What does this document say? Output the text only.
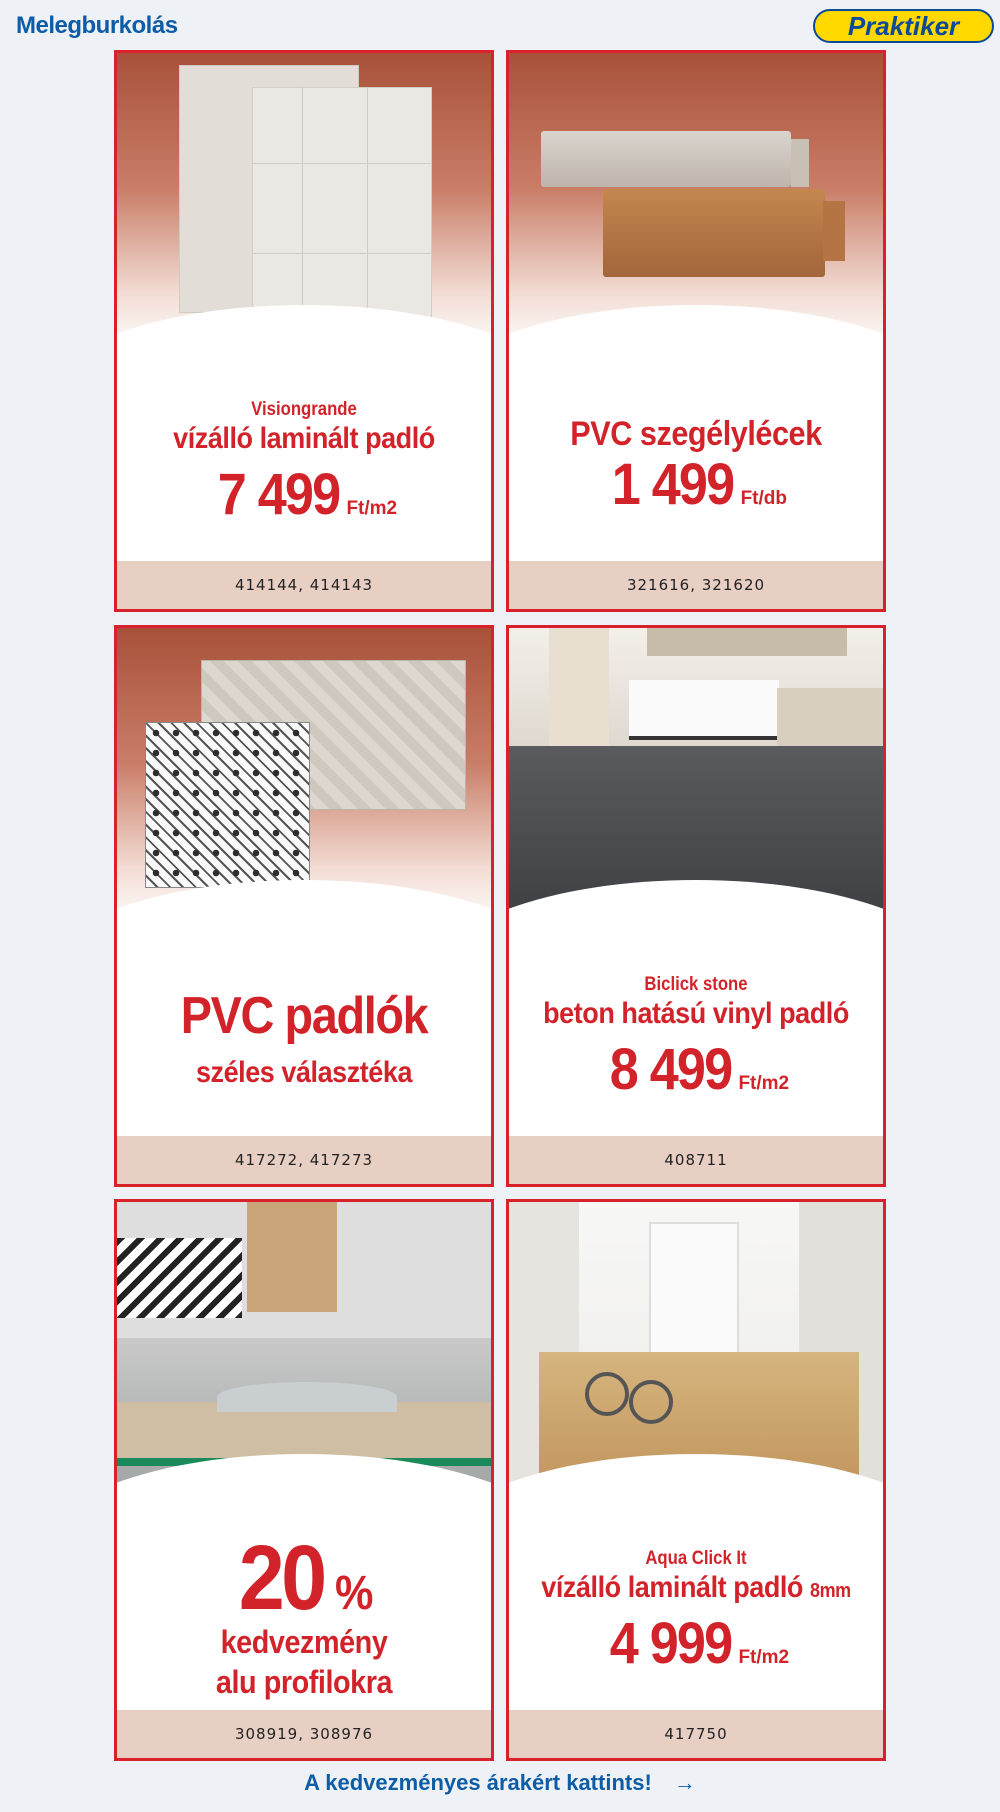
Melegburkolás	Praktiker
Visiongrande
vízálló laminált padló
7 499 Ft/m2
414144, 414143
PVC szegélylécek
1 499 Ft/db
321616, 321620
PVC padlók
széles választéka
417272, 417273
Biclick stone
beton hatású vinyl padló
8 499 Ft/m2
408711
20 %
kedvezmény
alu profilokra
308919, 308976
Aqua Click It
vízálló laminált padló 8mm
4 999 Ft/m2
417750
A kedvezményes árakért kattints! →
